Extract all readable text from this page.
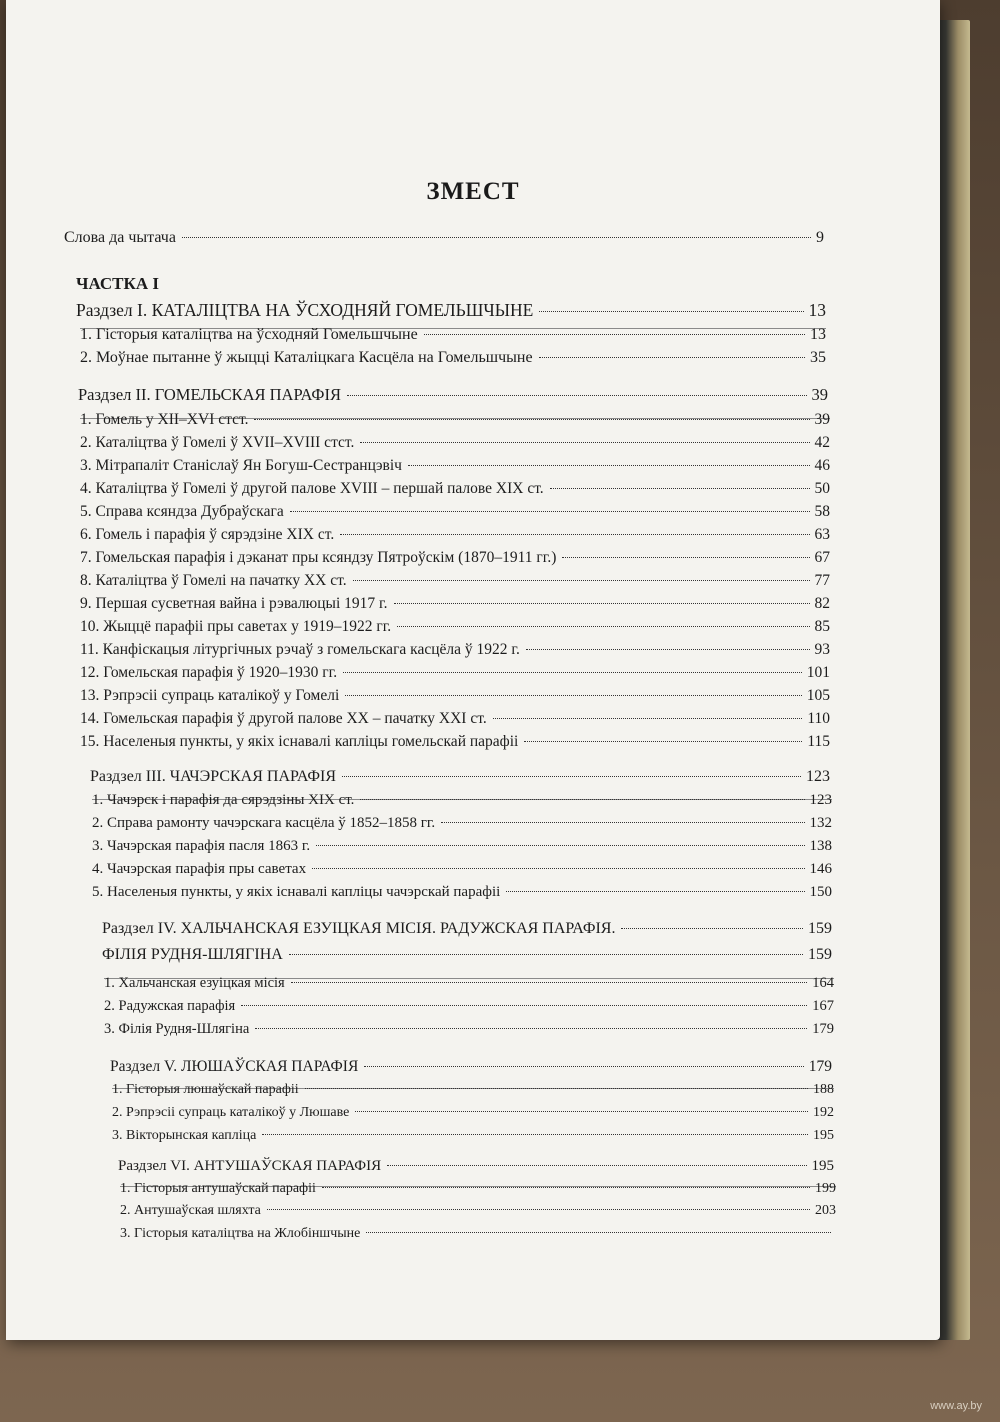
ЗМЕСТ
Слова да чытача	9
ЧАСТКА I
Раздзел I. КАТАЛІЦТВА НА ЎСХОДНЯЙ ГОМЕЛЬШЧЫНЕ	13
1. Гісторыя каталіцтва на ўсходняй Гомельшчыне	13
2. Моўнае пытанне ў жыцці Каталіцкага Касцёла на Гомельшчыне	35
Раздзел II. ГОМЕЛЬСКАЯ ПАРАФІЯ	39
1. Гомель у XII–XVI стст.	39
2. Каталіцтва ў Гомелі ў XVII–XVIII стст.	42
3. Мітрапаліт Станіслаў Ян Богуш-Сестранцэвіч	46
4. Каталіцтва ў Гомелі ў другой палове XVIII – першай палове XIX ст.	50
5. Справа ксяндза Дубраўскага	58
6. Гомель і парафія ў сярэдзіне XIX ст.	63
7. Гомельская парафія і дэканат пры ксяндзу Пятроўскім (1870–1911 гг.)	67
8. Каталіцтва ў Гомелі на пачатку XX ст.	77
9. Першая сусветная вайна і рэвалюцыі 1917 г.	82
10. Жыццё парафіі пры саветах у 1919–1922 гг.	85
11. Канфіскацыя літургічных рэчаў з гомельскага касцёла ў 1922 г.	93
12. Гомельская парафія ў 1920–1930 гг.	101
13. Рэпрэсіі супраць каталікоў у Гомелі	105
14. Гомельская парафія ў другой палове XX – пачатку XXI ст.	110
15. Населеныя пункты, у якіх існавалі капліцы гомельскай парафіі	115
Раздзел III. ЧАЧЭРСКАЯ ПАРАФІЯ	123
1. Чачэрск і парафія да сярэдзіны XIX ст.	123
2. Справа рамонту чачэрскага касцёла ў 1852–1858 гг.	132
3. Чачэрская парафія пасля 1863 г.	138
4. Чачэрская парафія пры саветах	146
5. Населеныя пункты, у якіх існавалі капліцы чачэрскай парафіі	150
Раздзел IV. ХАЛЬЧАНСКАЯ ЕЗУІЦКАЯ МІСІЯ. РАДУЖСКАЯ ПАРАФІЯ.	159
ФІЛІЯ РУДНЯ-ШЛЯГІНА	159
1. Хальчанская езуіцкая місія	164
2. Радужская парафія	167
3. Філія Рудня-Шлягіна	179
Раздзел V. ЛЮШАЎСКАЯ ПАРАФІЯ	179
1. Гісторыя люшаўскай парафіі	188
2. Рэпрэсіі супраць каталікоў у Люшаве	192
3. Вікторынская капліца	195
Раздзел VI. АНТУШАЎСКАЯ ПАРАФІЯ	195
1. Гісторыя антушаўскай парафіі	199
2. Антушаўская шляхта	203
3. Гісторыя каталіцтва на Жлобіншчыне
www.ay.by
